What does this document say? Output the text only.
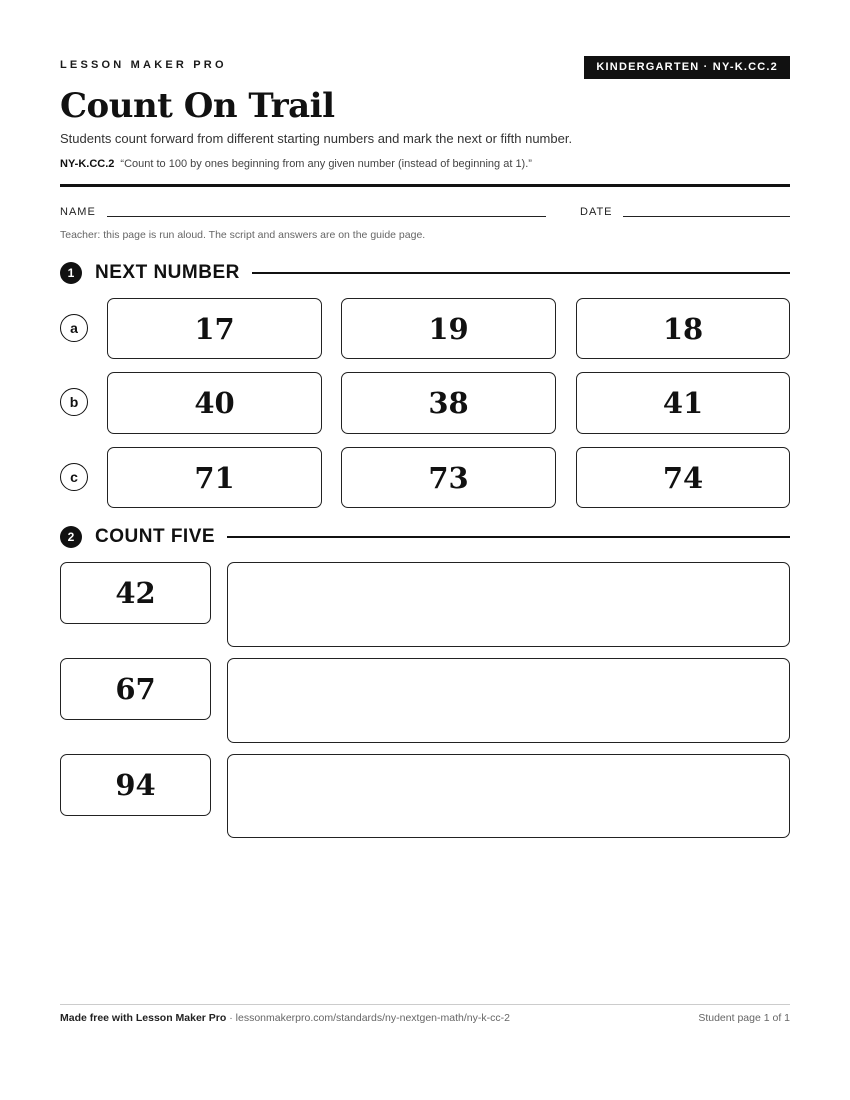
LESSON MAKER PRO	KINDERGARTEN · NY-K.CC.2
Count On Trail
Students count forward from different starting numbers and mark the next or fifth number.
NY-K.CC.2 “Count to 100 by ones beginning from any given number (instead of beginning at 1).”
NAME	DATE
Teacher: this page is run aloud. The script and answers are on the guide page.
1	NEXT NUMBER
a	17	19	18
b	40	38	41
c	71	73	74
2	COUNT FIVE
42
67
94
Made free with Lesson Maker Pro · lessonmakerpro.com/standards/ny-nextgen-math/ny-k-cc-2	Student page 1 of 1
